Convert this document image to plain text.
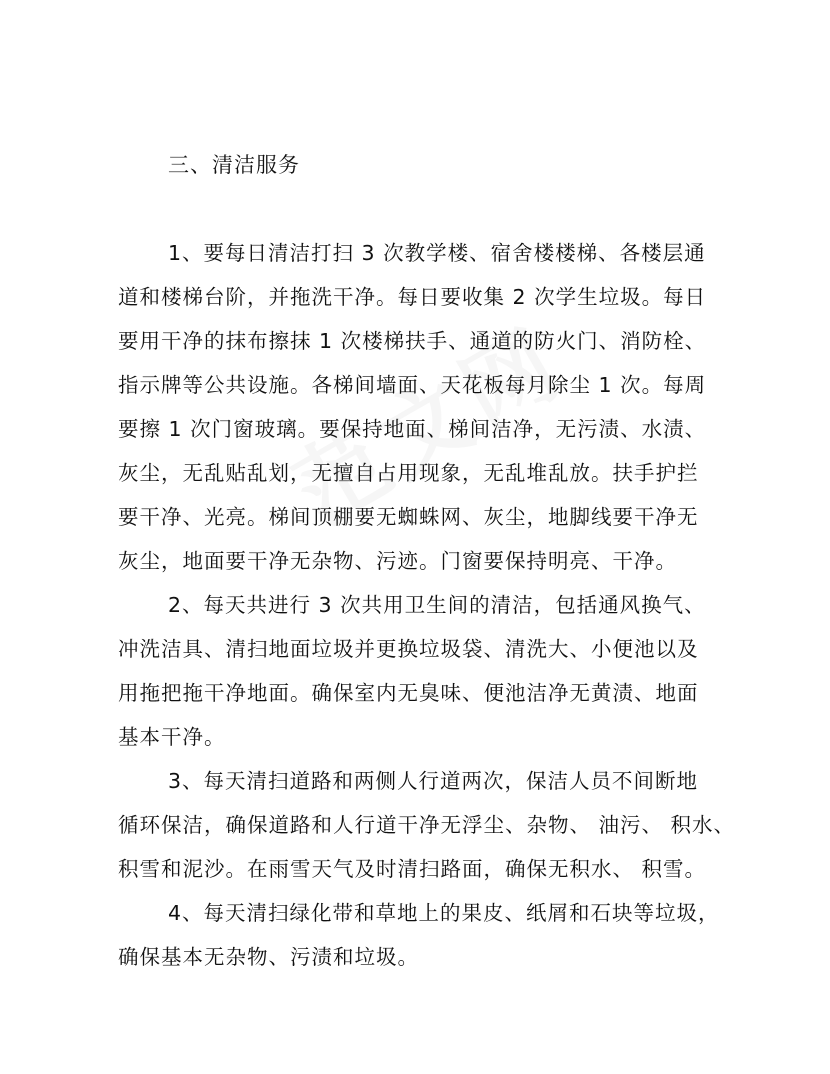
三、清洁服务
1、要每日清洁打扫 3 次教学楼、宿舍楼楼梯、各楼层通
道和楼梯台阶，并拖洗干净。每日要收集 2 次学生垃圾。每日
要用干净的抹布擦抹 1 次楼梯扶手、通道的防火门、消防栓、
指示牌等公共设施。各梯间墙面、天花板每月除尘 1 次。每周
要擦 1 次门窗玻璃。要保持地面、梯间洁净，无污渍、水渍、
灰尘，无乱贴乱划，无擅自占用现象，无乱堆乱放。扶手护拦
要干净、光亮。梯间顶棚要无蜘蛛网、灰尘，地脚线要干净无
灰尘，地面要干净无杂物、污迹。门窗要保持明亮、干净。
2、每天共进行 3 次共用卫生间的清洁，包括通风换气、
冲洗洁具、清扫地面垃圾并更换垃圾袋、清洗大、小便池以及
用拖把拖干净地面。确保室内无臭味、便池洁净无黄渍、地面
基本干净。
3、每天清扫道路和两侧人行道两次，保洁人员不间断地
循环保洁，确保道路和人行道干净无浮尘、杂物、 油污、 积水、
积雪和泥沙。在雨雪天气及时清扫路面，确保无积水、 积雪。
4、每天清扫绿化带和草地上的果皮、纸屑和石块等垃圾，
确保基本无杂物、污渍和垃圾。
